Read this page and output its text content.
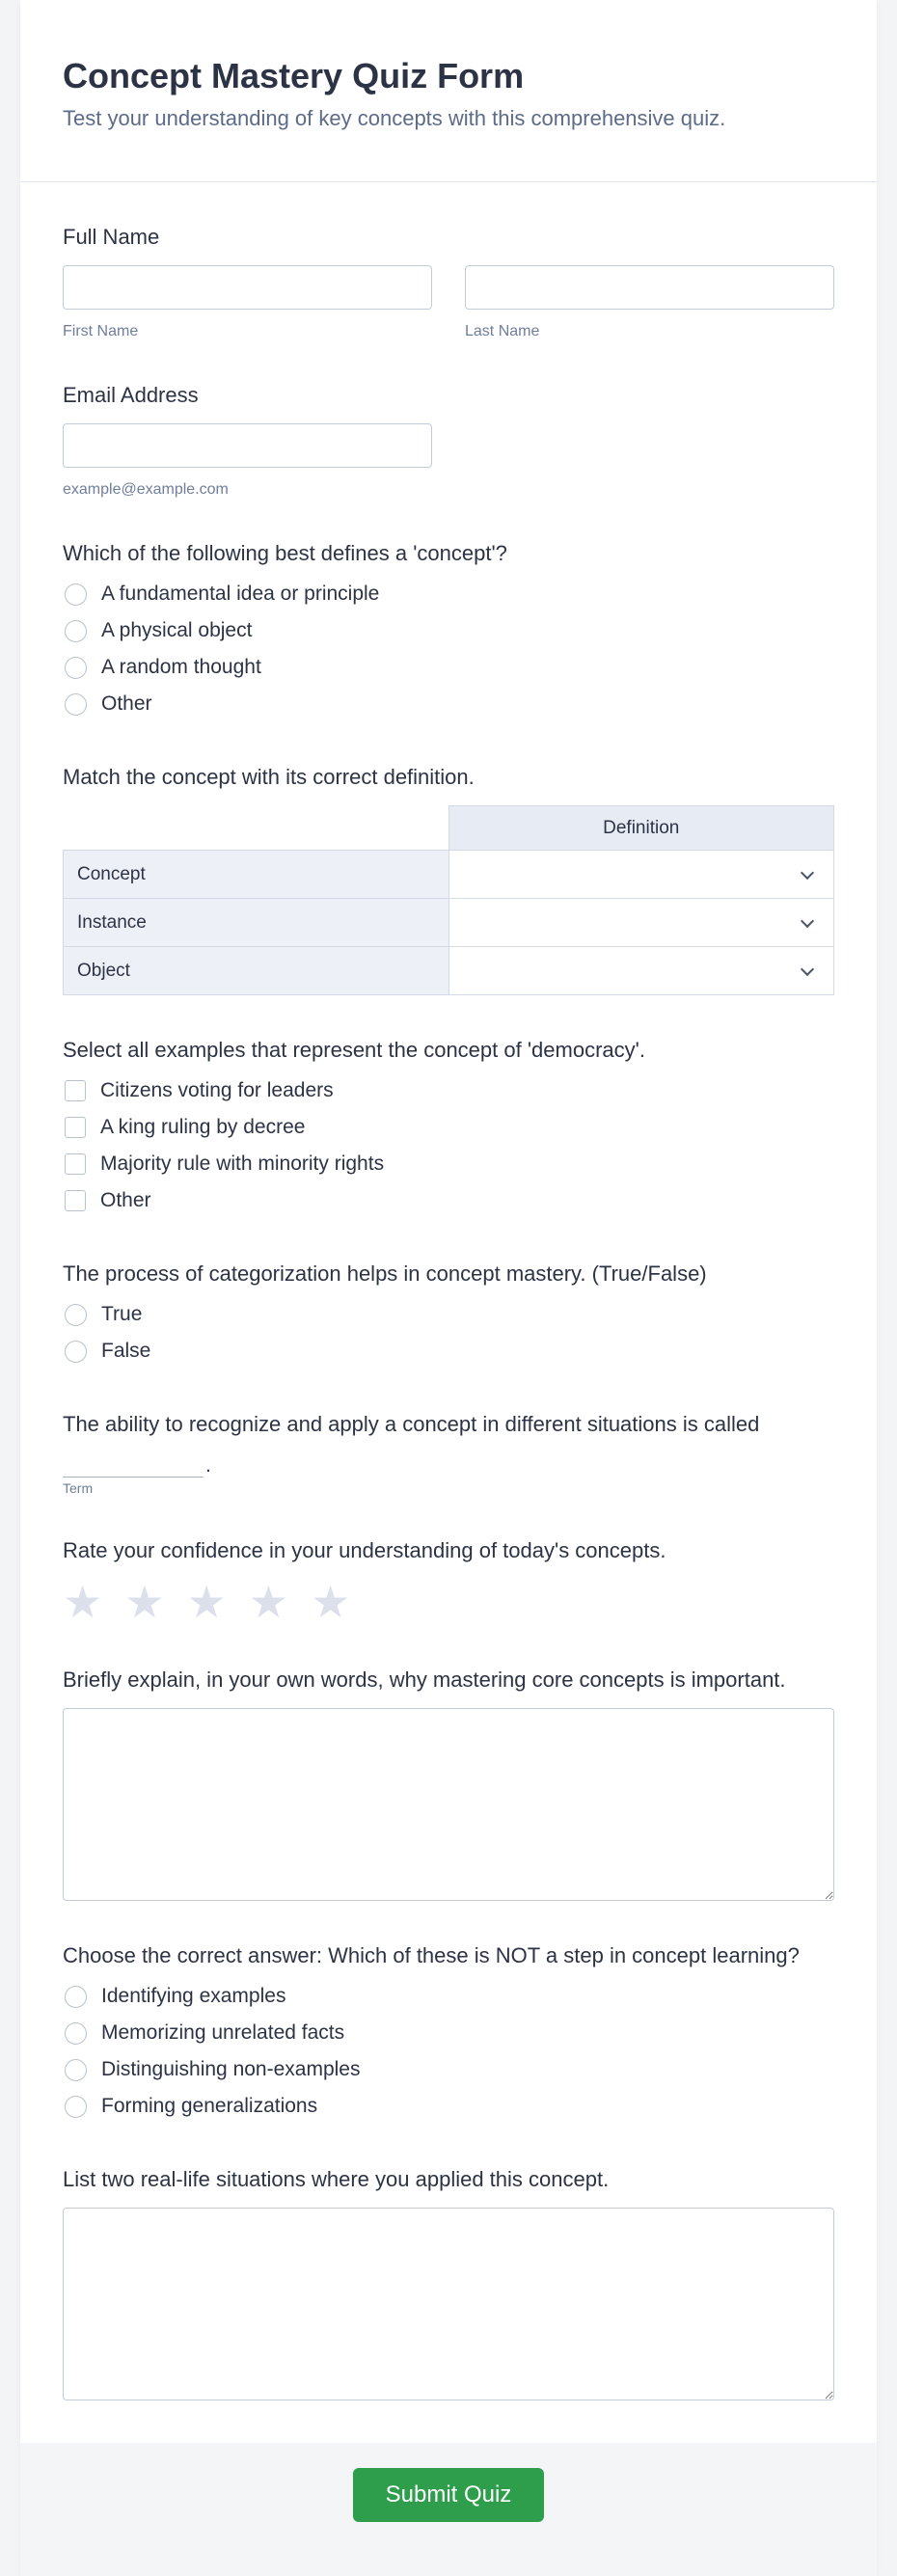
Concept Mastery Quiz Form
Test your understanding of key concepts with this comprehensive quiz.
Full Name
First Name	Last Name
Email Address
example@example.com
Which of the following best defines a 'concept'?
A fundamental idea or principle
A physical object
A random thought
Other
Match the concept with its correct definition.
	Definition
Concept	

Instance	

Object	
Select all examples that represent the concept of 'democracy'.
Citizens voting for leaders
A king ruling by decree
Majority rule with minority rights
Other
The process of categorization helps in concept mastery. (True/False)
True
False
The ability to recognize and apply a concept in different situations is called
.
Term
Rate your confidence in your understanding of today's concepts.
★ ★ ★ ★ ★
Briefly explain, in your own words, why mastering core concepts is important.
Choose the correct answer: Which of these is NOT a step in concept learning?
Identifying examples
Memorizing unrelated facts
Distinguishing non-examples
Forming generalizations
List two real-life situations where you applied this concept.
Submit Quiz
